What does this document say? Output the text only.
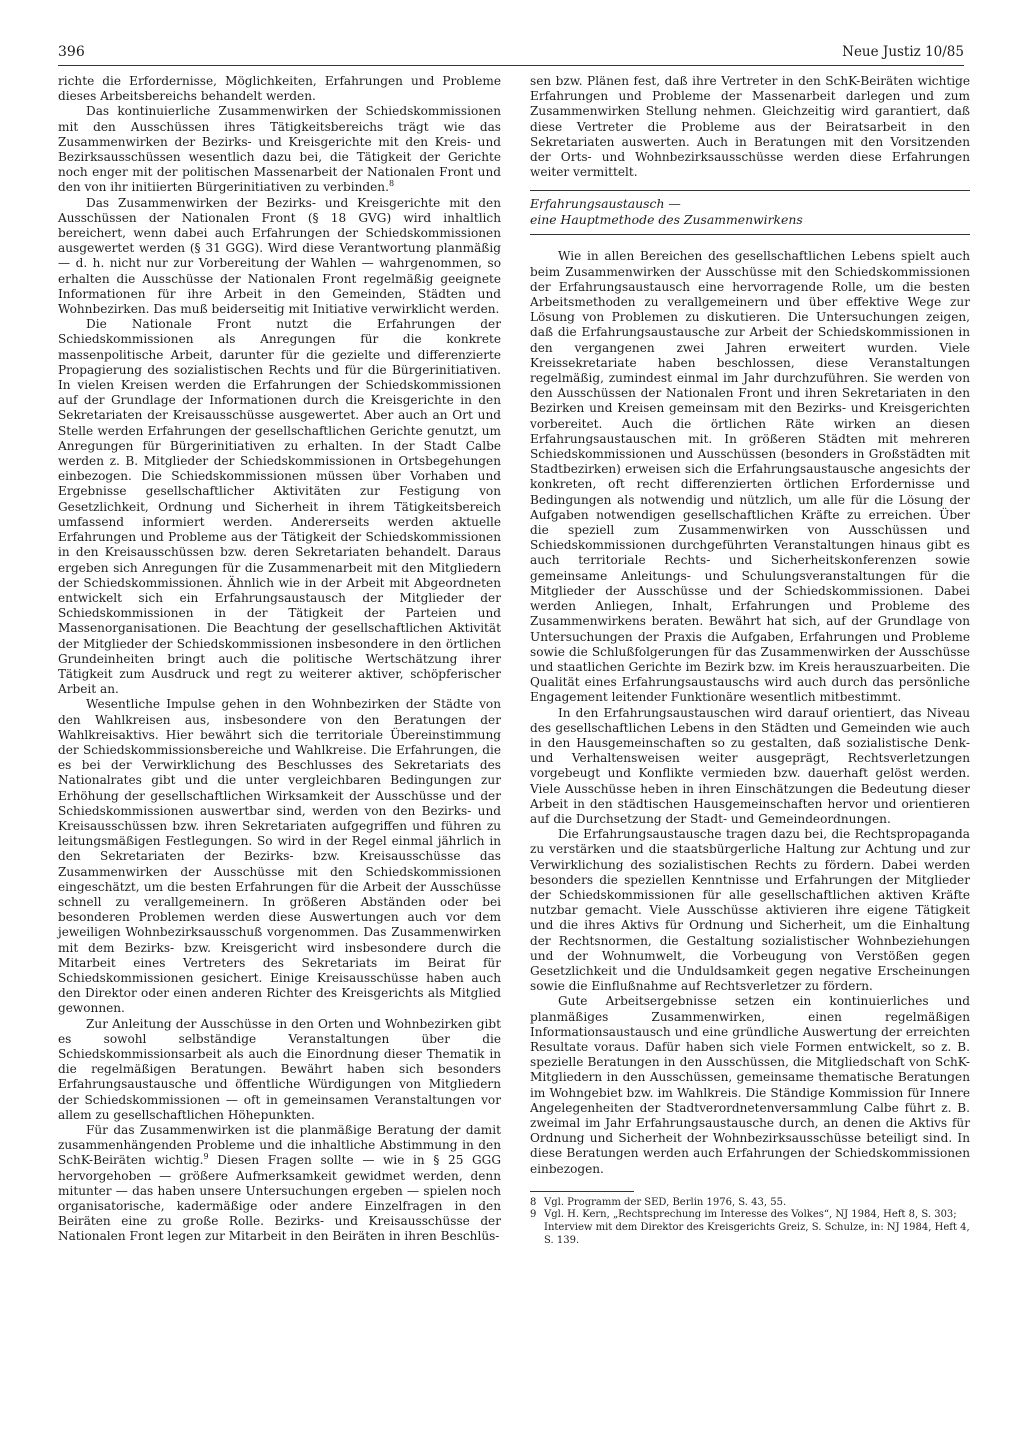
396	Neue Justiz 10/85

richte die Erfordernisse, Möglichkeiten, Erfahrungen und Probleme dieses Arbeitsbereichs behandelt werden.

Das kontinuierliche Zusammenwirken der Schiedskommissionen mit den Ausschüssen ihres Tätigkeitsbereichs trägt wie das Zusammenwirken der Bezirks- und Kreisgerichte mit den Kreis- und Bezirksausschüssen wesentlich dazu bei, die Tätigkeit der Gerichte noch enger mit der politischen Massenarbeit der Nationalen Front und den von ihr initiierten Bürgerinitiativen zu verbinden.$^8$

Das Zusammenwirken der Bezirks- und Kreisgerichte mit den Ausschüssen der Nationalen Front (§ 18 GVG) wird inhaltlich bereichert, wenn dabei auch Erfahrungen der Schiedskommissionen ausgewertet werden (§ 31 GGG). Wird diese Verantwortung planmäßig — d. h. nicht nur zur Vorbereitung der Wahlen — wahrgenommen, so erhalten die Ausschüsse der Nationalen Front regelmäßig geeignete Informationen für ihre Arbeit in den Gemeinden, Städten und Wohnbezirken. Das muß beiderseitig mit Initiative verwirklicht werden.

Die Nationale Front nutzt die Erfahrungen der Schiedskommissionen als Anregungen für die konkrete massenpolitische Arbeit, darunter für die gezielte und differenzierte Propagierung des sozialistischen Rechts und für die Bürgerinitiativen. In vielen Kreisen werden die Erfahrungen der Schiedskommissionen auf der Grundlage der Informationen durch die Kreisgerichte in den Sekretariaten der Kreisausschüsse ausgewertet. Aber auch an Ort und Stelle werden Erfahrungen der gesellschaftlichen Gerichte genutzt, um Anregungen für Bürgerinitiativen zu erhalten. In der Stadt Calbe werden z. B. Mitglieder der Schiedskommissionen in Ortsbegehungen einbezogen. Die Schiedskommissionen müssen über Vorhaben und Ergebnisse gesellschaftlicher Aktivitäten zur Festigung von Gesetzlichkeit, Ordnung und Sicherheit in ihrem Tätigkeitsbereich umfassend informiert werden. Andererseits werden aktuelle Erfahrungen und Probleme aus der Tätigkeit der Schiedskommissionen in den Kreisausschüssen bzw. deren Sekretariaten behandelt. Daraus ergeben sich Anregungen für die Zusammenarbeit mit den Mitgliedern der Schiedskommissionen. Ähnlich wie in der Arbeit mit Abgeordneten entwickelt sich ein Erfahrungsaustausch der Mitglieder der Schiedskommissionen in der Tätigkeit der Parteien und Massenorganisationen. Die Beachtung der gesellschaftlichen Aktivität der Mitglieder der Schiedskommissionen insbesondere in den örtlichen Grundeinheiten bringt auch die politische Wertschätzung ihrer Tätigkeit zum Ausdruck und regt zu weiterer aktiver, schöpferischer Arbeit an.

Wesentliche Impulse gehen in den Wohnbezirken der Städte von den Wahlkreisen aus, insbesondere von den Beratungen der Wahlkreisaktivs. Hier bewährt sich die territoriale Übereinstimmung der Schiedskommissionsbereiche und Wahlkreise. Die Erfahrungen, die es bei der Verwirklichung des Beschlusses des Sekretariats des Nationalrates gibt und die unter vergleichbaren Bedingungen zur Erhöhung der gesellschaftlichen Wirksamkeit der Ausschüsse und der Schiedskommissionen auswertbar sind, werden von den Bezirks- und Kreisausschüssen bzw. ihren Sekretariaten aufgegriffen und führen zu leitungsmäßigen Festlegungen. So wird in der Regel einmal jährlich in den Sekretariaten der Bezirks- bzw. Kreisausschüsse das Zusammenwirken der Ausschüsse mit den Schiedskommissionen eingeschätzt, um die besten Erfahrungen für die Arbeit der Ausschüsse schnell zu verallgemeinern. In größeren Abständen oder bei besonderen Problemen werden diese Auswertungen auch vor dem jeweiligen Wohnbezirksausschuß vorgenommen. Das Zusammenwirken mit dem Bezirks- bzw. Kreisgericht wird insbesondere durch die Mitarbeit eines Vertreters des Sekretariats im Beirat für Schiedskommissionen gesichert. Einige Kreisausschüsse haben auch den Direktor oder einen anderen Richter des Kreisgerichts als Mitglied gewonnen.

Zur Anleitung der Ausschüsse in den Orten und Wohnbezirken gibt es sowohl selbständige Veranstaltungen über die Schiedskommissionsarbeit als auch die Einordnung dieser Thematik in die regelmäßigen Beratungen. Bewährt haben sich besonders Erfahrungsaustausche und öffentliche Würdigungen von Mitgliedern der Schiedskommissionen — oft in gemeinsamen Veranstaltungen vor allem zu gesellschaftlichen Höhepunkten.

Für das Zusammenwirken ist die planmäßige Beratung der damit zusammenhängenden Probleme und die inhaltliche Abstimmung in den SchK-Beiräten wichtig.$^9$ Diesen Fragen sollte — wie in § 25 GGG hervorgehoben — größere Aufmerksamkeit gewidmet werden, denn mitunter — das haben unsere Untersuchungen ergeben — spielen noch organisatorische, kadermäßige oder andere Einzelfragen in den Beiräten eine zu große Rolle. Bezirks- und Kreisausschüsse der Nationalen Front legen zur Mitarbeit in den Beiräten in ihren Beschlüs-

sen bzw. Plänen fest, daß ihre Vertreter in den SchK-Beiräten wichtige Erfahrungen und Probleme der Massenarbeit darlegen und zum Zusammenwirken Stellung nehmen. Gleichzeitig wird garantiert, daß diese Vertreter die Probleme aus der Beiratsarbeit in den Sekretariaten auswerten. Auch in Beratungen mit den Vorsitzenden der Orts- und Wohnbezirksausschüsse werden diese Erfahrungen weiter vermittelt.

Erfahrungsaustausch —
eine Hauptmethode des Zusammenwirkens

Wie in allen Bereichen des gesellschaftlichen Lebens spielt auch beim Zusammenwirken der Ausschüsse mit den Schiedskommissionen der Erfahrungsaustausch eine hervorragende Rolle, um die besten Arbeitsmethoden zu verallgemeinern und über effektive Wege zur Lösung von Problemen zu diskutieren. Die Untersuchungen zeigen, daß die Erfahrungsaustausche zur Arbeit der Schiedskommissionen in den vergangenen zwei Jahren erweitert wurden. Viele Kreissekretariate haben beschlossen, diese Veranstaltungen regelmäßig, zumindest einmal im Jahr durchzuführen. Sie werden von den Ausschüssen der Nationalen Front und ihren Sekretariaten in den Bezirken und Kreisen gemeinsam mit den Bezirks- und Kreisgerichten vorbereitet. Auch die örtlichen Räte wirken an diesen Erfahrungsaustauschen mit. In größeren Städten mit mehreren Schiedskommissionen und Ausschüssen (besonders in Großstädten mit Stadtbezirken) erweisen sich die Erfahrungsaustausche angesichts der konkreten, oft recht differenzierten örtlichen Erfordernisse und Bedingungen als notwendig und nützlich, um alle für die Lösung der Aufgaben notwendigen gesellschaftlichen Kräfte zu erreichen. Über die speziell zum Zusammenwirken von Ausschüssen und Schiedskommissionen durchgeführten Veranstaltungen hinaus gibt es auch territoriale Rechts- und Sicherheitskonferenzen sowie gemeinsame Anleitungs- und Schulungsveranstaltungen für die Mitglieder der Ausschüsse und der Schiedskommissionen. Dabei werden Anliegen, Inhalt, Erfahrungen und Probleme des Zusammenwirkens beraten. Bewährt hat sich, auf der Grundlage von Untersuchungen der Praxis die Aufgaben, Erfahrungen und Probleme sowie die Schlußfolgerungen für das Zusammenwirken der Ausschüsse und staatlichen Gerichte im Bezirk bzw. im Kreis herauszuarbeiten. Die Qualität eines Erfahrungsaustauschs wird auch durch das persönliche Engagement leitender Funktionäre wesentlich mitbestimmt.

In den Erfahrungsaustauschen wird darauf orientiert, das Niveau des gesellschaftlichen Lebens in den Städten und Gemeinden wie auch in den Hausgemeinschaften so zu gestalten, daß sozialistische Denk- und Verhaltensweisen weiter ausgeprägt, Rechtsverletzungen vorgebeugt und Konflikte vermieden bzw. dauerhaft gelöst werden. Viele Ausschüsse heben in ihren Einschätzungen die Bedeutung dieser Arbeit in den städtischen Hausgemeinschaften hervor und orientieren auf die Durchsetzung der Stadt- und Gemeindeordnungen.

Die Erfahrungsaustausche tragen dazu bei, die Rechtspropaganda zu verstärken und die staatsbürgerliche Haltung zur Achtung und zur Verwirklichung des sozialistischen Rechts zu fördern. Dabei werden besonders die speziellen Kenntnisse und Erfahrungen der Mitglieder der Schiedskommissionen für alle gesellschaftlichen aktiven Kräfte nutzbar gemacht. Viele Ausschüsse aktivieren ihre eigene Tätigkeit und die ihres Aktivs für Ordnung und Sicherheit, um die Einhaltung der Rechtsnormen, die Gestaltung sozialistischer Wohnbeziehungen und der Wohnumwelt, die Vorbeugung von Verstößen gegen Gesetzlichkeit und die Unduldsamkeit gegen negative Erscheinungen sowie die Einflußnahme auf Rechtsverletzer zu fördern.

Gute Arbeitsergebnisse setzen ein kontinuierliches und planmäßiges Zusammenwirken, einen regelmäßigen Informationsaustausch und eine gründliche Auswertung der erreichten Resultate voraus. Dafür haben sich viele Formen entwickelt, so z. B. spezielle Beratungen in den Ausschüssen, die Mitgliedschaft von SchK-Mitgliedern in den Ausschüssen, gemeinsame thematische Beratungen im Wohngebiet bzw. im Wahlkreis. Die Ständige Kommission für Innere Angelegenheiten der Stadtverordnetenversammlung Calbe führt z. B. zweimal im Jahr Erfahrungsaustausche durch, an denen die Aktivs für Ordnung und Sicherheit der Wohnbezirksausschüsse beteiligt sind. In diese Beratungen werden auch Erfahrungen der Schiedskommissionen einbezogen.

8 Vgl. Programm der SED, Berlin 1976, S. 43, 55.
9 Vgl. H. Kern, „Rechtsprechung im Interesse des Volkes“, NJ 1984, Heft 8, S. 303; Interview mit dem Direktor des Kreisgerichts Greiz, S. Schulze, in: NJ 1984, Heft 4, S. 139.
